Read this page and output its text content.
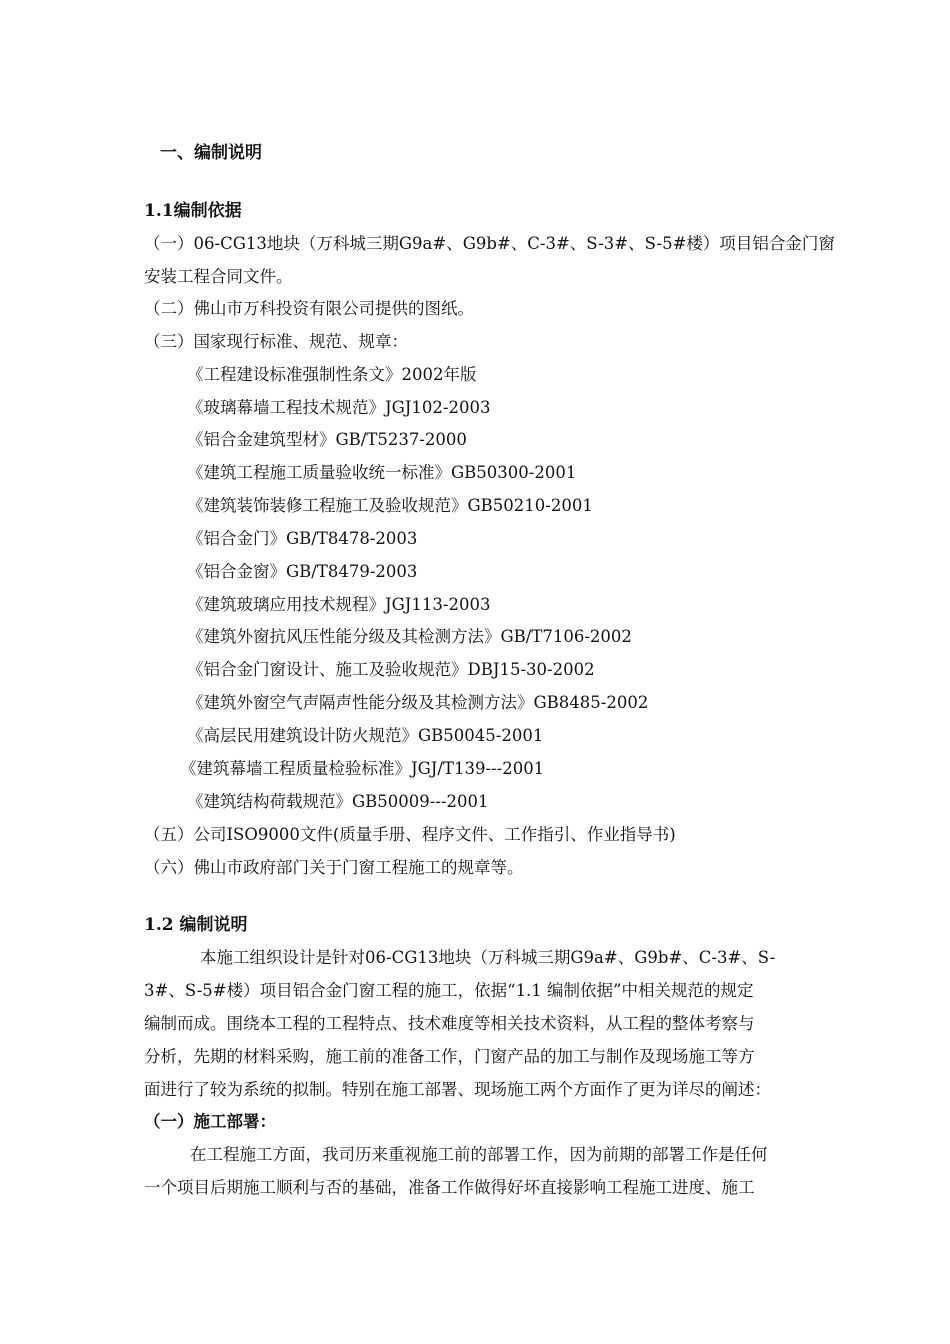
一、编制说明
1.1编制依据
（一）06-CG13地块（万科城三期G9a#、G9b#、C-3#、S-3#、S-5#楼）项目铝合金门窗
安装工程合同文件。
（二）佛山市万科投资有限公司提供的图纸。
（三）国家现行标准、规范、规章：
《工程建设标准强制性条文》2002年版
《玻璃幕墙工程技术规范》JGJ102-2003
《铝合金建筑型材》GB/T5237-2000
《建筑工程施工质量验收统一标准》GB50300-2001
《建筑装饰装修工程施工及验收规范》GB50210-2001
《铝合金门》GB/T8478-2003
《铝合金窗》GB/T8479-2003
《建筑玻璃应用技术规程》JGJ113-2003
《建筑外窗抗风压性能分级及其检测方法》GB/T7106-2002
《铝合金门窗设计、施工及验收规范》DBJ15-30-2002
《建筑外窗空气声隔声性能分级及其检测方法》GB8485-2002
《高层民用建筑设计防火规范》GB50045-2001
《建筑幕墙工程质量检验标准》JGJ/T139---2001
《建筑结构荷载规范》GB50009---2001
（五）公司ISO9000文件(质量手册、程序文件、工作指引、作业指导书)
（六）佛山市政府部门关于门窗工程施工的规章等。
1.2 编制说明
本施工组织设计是针对06-CG13地块（万科城三期G9a#、G9b#、C-3#、S-
3#、S-5#楼）项目铝合金门窗工程的施工，依据“1.1 编制依据”中相关规范的规定
编制而成。围绕本工程的工程特点、技术难度等相关技术资料，从工程的整体考察与
分析，先期的材料采购，施工前的准备工作，门窗产品的加工与制作及现场施工等方
面进行了较为系统的拟制。特别在施工部署、现场施工两个方面作了更为详尽的阐述：
（一）施工部署：
在工程施工方面，我司历来重视施工前的部署工作，因为前期的部署工作是任何
一个项目后期施工顺利与否的基础，准备工作做得好坏直接影响工程施工进度、施工
